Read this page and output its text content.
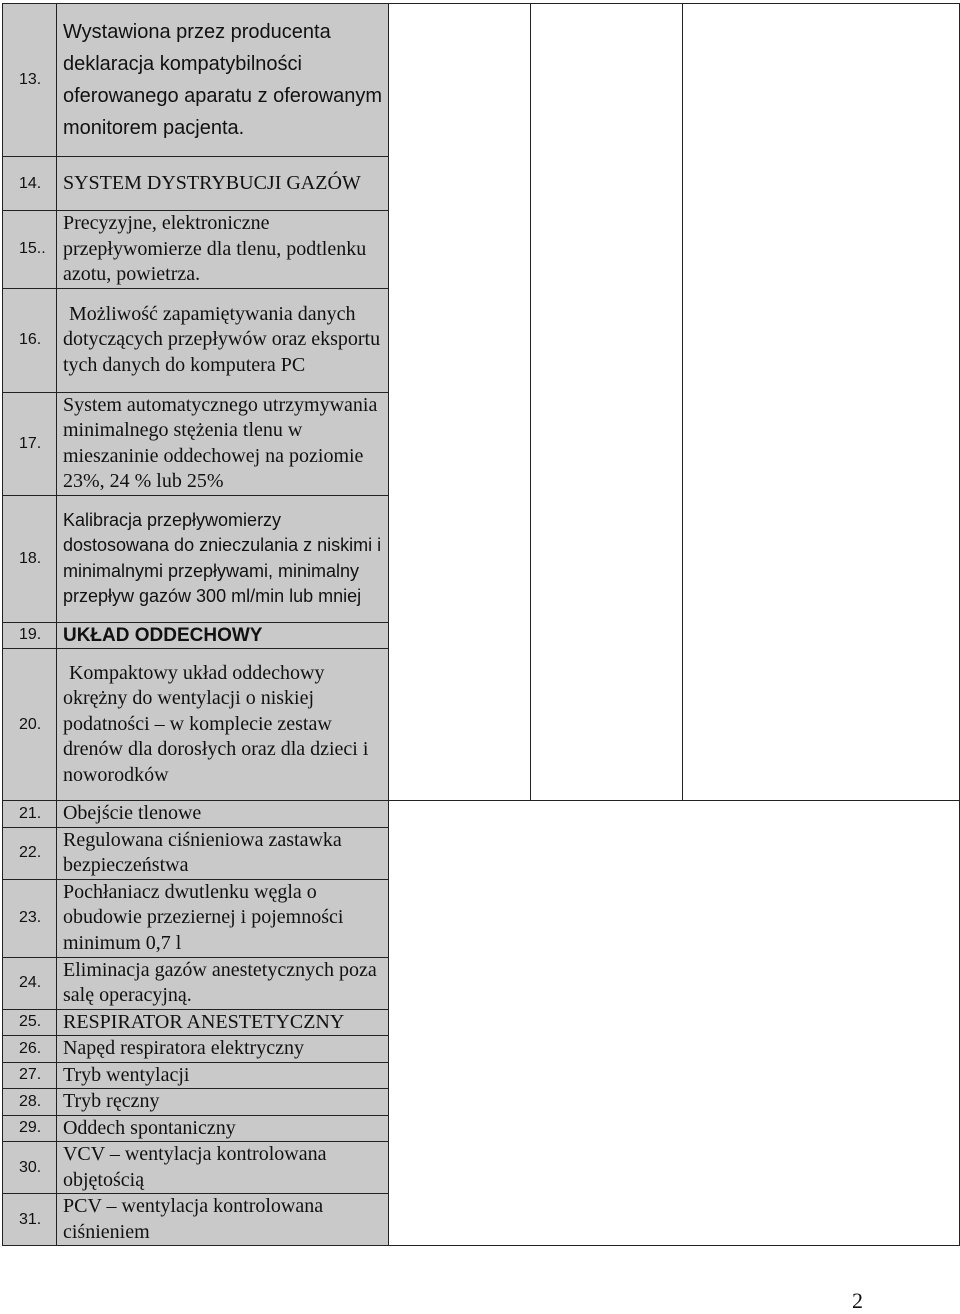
13.	Wystawiona przez producenta deklaracja kompatybilności oferowanego aparatu z oferowanym monitorem pacjenta.			
14.	SYSTEM DYSTRYBUCJI GAZÓW			
15..	Precyzyjne, elektroniczne przepływomierze dla tlenu, podtlenku azotu, powietrza.			
16.	Możliwość zapamiętywania danych dotyczących przepływów oraz eksportu tych danych do komputera PC			
17.	System automatycznego utrzymywania minimalnego stężenia tlenu w mieszaninie oddechowej na poziomie 23%, 24 % lub 25%			
18.	Kalibracja przepływomierzy dostosowana do znieczulania z niskimi i minimalnymi przepływami, minimalny przepływ gazów 300 ml/min lub mniej			
19.	UKŁAD ODDECHOWY			
20.	Kompaktowy układ oddechowy okrężny do wentylacji o niskiej podatności – w komplecie zestaw drenów dla dorosłych oraz dla dzieci i noworodków			
21.	Obejście tlenowe			
22.	Regulowana ciśnieniowa zastawka bezpieczeństwa			
23.	Pochłaniacz dwutlenku węgla o obudowie przeziernej i pojemności minimum 0,7 l			
24.	Eliminacja gazów anestetycznych poza salę operacyjną.			
25.	RESPIRATOR ANESTETYCZNY			
26.	Napęd respiratora elektryczny			
27.	Tryb wentylacji			
28.	Tryb ręczny			
29.	Oddech spontaniczny			
30.	VCV – wentylacja kontrolowana objętością			
31.	PCV – wentylacja kontrolowana ciśnieniem			
2
